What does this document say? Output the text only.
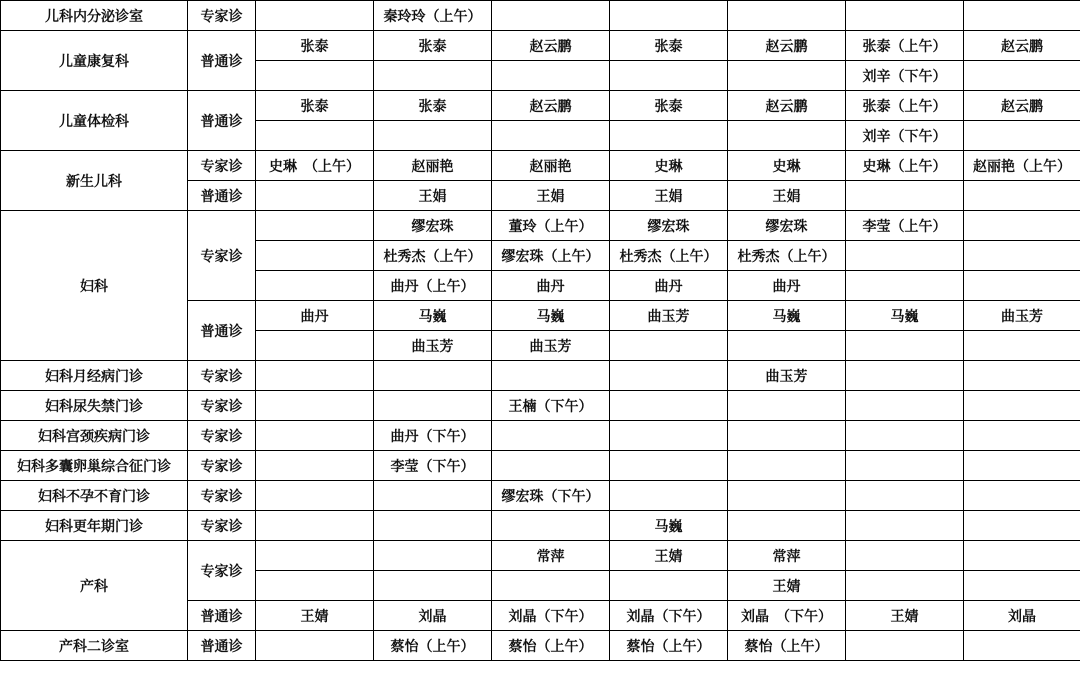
儿科内分泌诊室	专家诊		秦玲玲（上午）					
儿童康复科	普通诊	张泰	张泰	赵云鹏	张泰	赵云鹏	张泰（上午）	赵云鹏
							刘辛（下午）	
儿童体检科	普通诊	张泰	张泰	赵云鹏	张泰	赵云鹏	张泰（上午）	赵云鹏
							刘辛（下午）	
新生儿科	专家诊	史琳　（上午）	赵丽艳	赵丽艳	史琳	史琳	史琳（上午）	赵丽艳（上午）
	普通诊		王娟	王娟	王娟	王娟		
妇科	专家诊		缪宏珠	董玲（上午）	缪宏珠	缪宏珠	李莹（上午）	
			杜秀杰（上午）	缪宏珠（上午）	杜秀杰（上午）	杜秀杰（上午）		
			曲丹（上午）	曲丹	曲丹	曲丹		
	普通诊	曲丹	马巍	马巍	曲玉芳	马巍	马巍	曲玉芳
			曲玉芳	曲玉芳				
妇科月经病门诊	专家诊					曲玉芳		
妇科尿失禁门诊	专家诊			王楠（下午）				
妇科宫颈疾病门诊	专家诊		曲丹（下午）					
妇科多囊卵巢综合征门诊	专家诊		李莹（下午）					
妇科不孕不育门诊	专家诊			缪宏珠（下午）				
妇科更年期门诊	专家诊				马巍			
产科	专家诊			常萍	王婧	常萍		
						王婧		
	普通诊	王婧	刘晶	刘晶（下午）	刘晶（下午）	刘晶　（下午）	王婧	刘晶
产科二诊室	普通诊		蔡怡（上午）	蔡怡（上午）	蔡怡（上午）	蔡怡（上午）		
